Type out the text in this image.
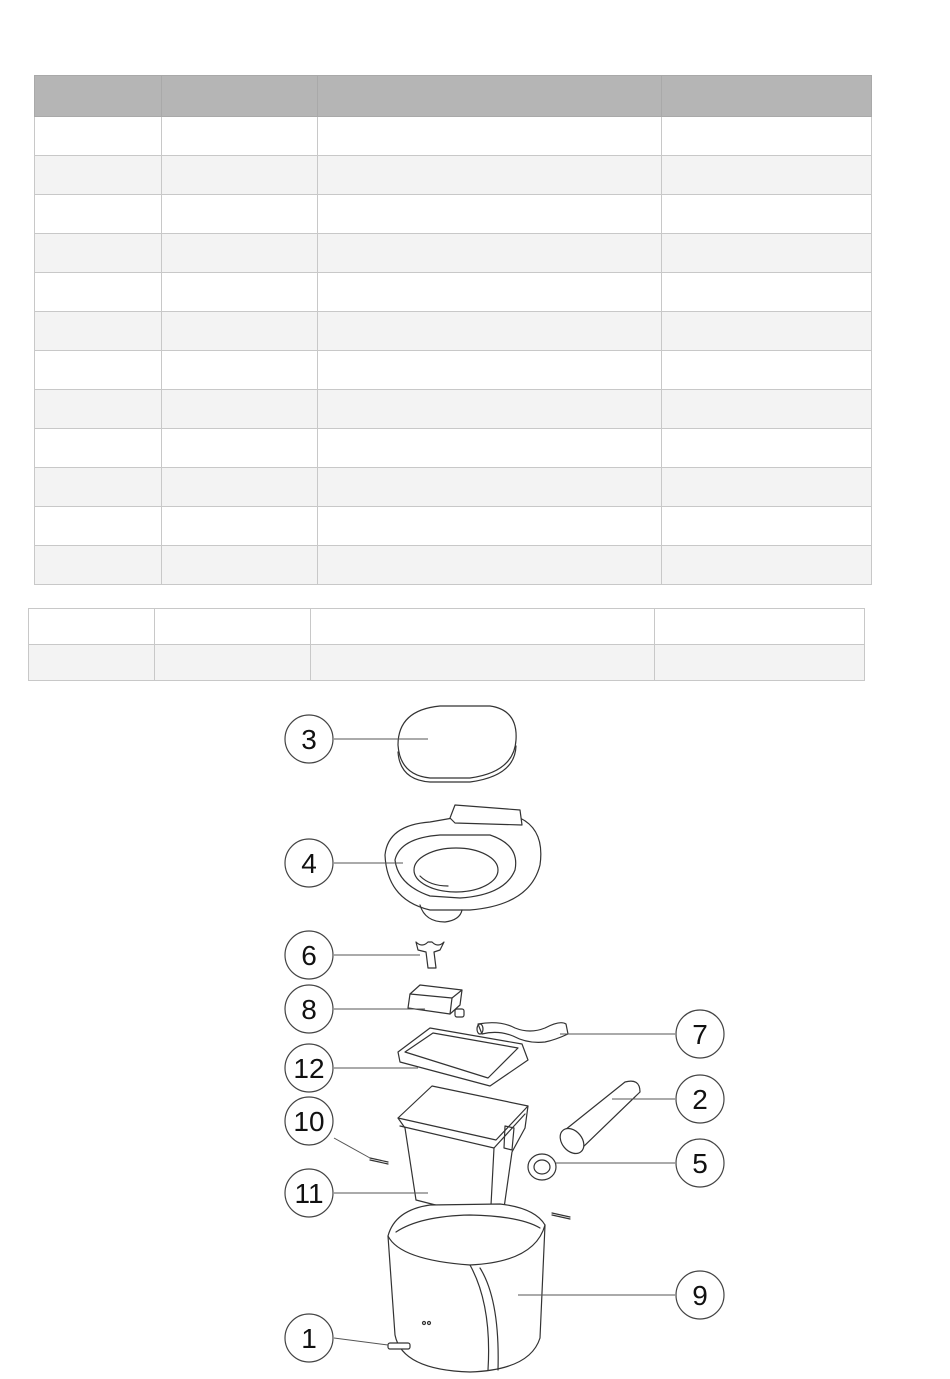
3
4
6
8
7
12
2
10
5
11
9
1
